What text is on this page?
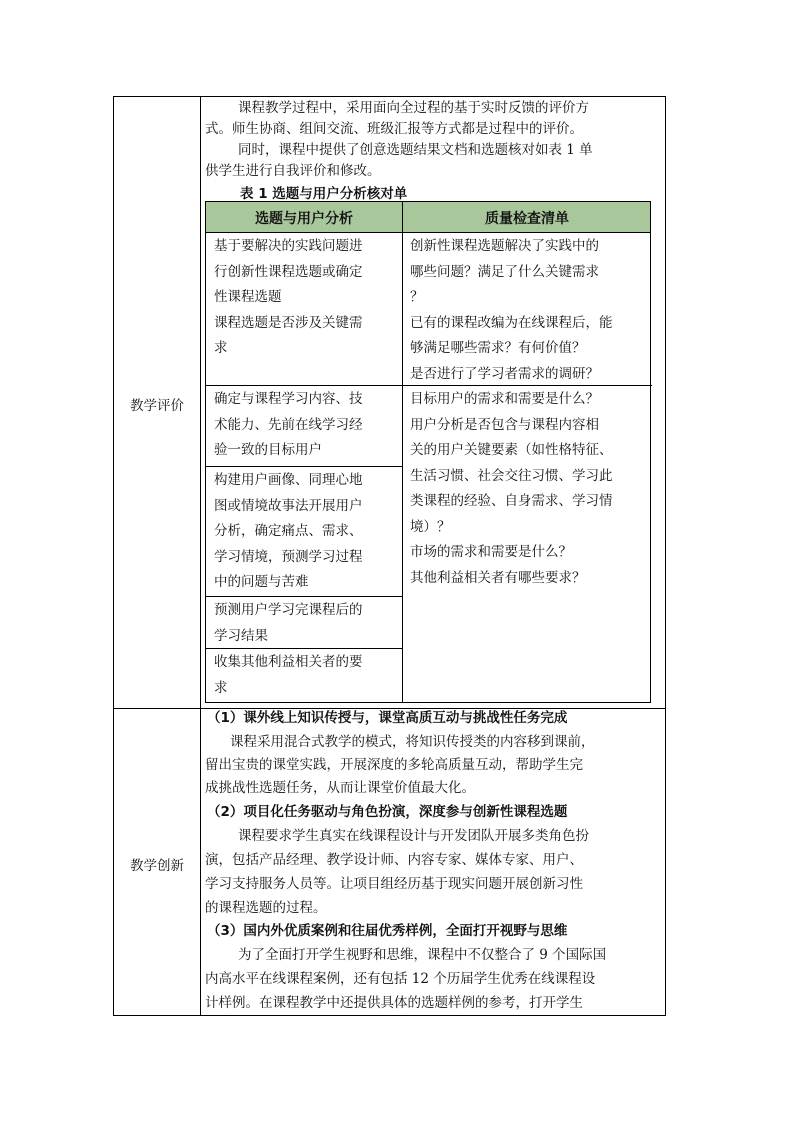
教学评价
教学创新
课程教学过程中，采用面向全过程的基于实时反馈的评价方
式。师生协商、组间交流、班级汇报等方式都是过程中的评价。
同时，课程中提供了创意选题结果文档和选题核对如表 1 单
供学生进行自我评价和修改。
表 1 选题与用户分析核对单
选题与用户分析	质量检查清单
基于要解决的实践问题进
行创新性课程选题或确定
性课程选题
课程选题是否涉及关键需
求
确定与课程学习内容、技
术能力、先前在线学习经
验一致的目标用户
构建用户画像、同理心地
图或情境故事法开展用户
分析，确定痛点、需求、
学习情境，预测学习过程
中的问题与苦难
预测用户学习完课程后的
学习结果
收集其他利益相关者的要
求
创新性课程选题解决了实践中的
哪些问题？满足了什么关键需求
？
已有的课程改编为在线课程后，能
够满足哪些需求？有何价值？
是否进行了学习者需求的调研？
目标用户的需求和需要是什么？
用户分析是否包含与课程内容相
关的用户关键要素（如性格特征、
生活习惯、社会交往习惯、学习此
类课程的经验、自身需求、学习情
境）？
市场的需求和需要是什么？
其他利益相关者有哪些要求？
（1）课外线上知识传授与，课堂高质互动与挑战性任务完成
课程采用混合式教学的模式，将知识传授类的内容移到课前，
留出宝贵的课堂实践，开展深度的多轮高质量互动，帮助学生完
成挑战性选题任务，从而让课堂价值最大化。
（2）项目化任务驱动与角色扮演，深度参与创新性课程选题
课程要求学生真实在线课程设计与开发团队开展多类角色扮
演，包括产品经理、教学设计师、内容专家、媒体专家、用户、
学习支持服务人员等。让项目组经历基于现实问题开展创新习性
的课程选题的过程。
（3）国内外优质案例和往届优秀样例，全面打开视野与思维
为了全面打开学生视野和思维，课程中不仅整合了 9 个国际国
内高水平在线课程案例，还有包括 12 个历届学生优秀在线课程设
计样例。在课程教学中还提供具体的选题样例的参考，打开学生
